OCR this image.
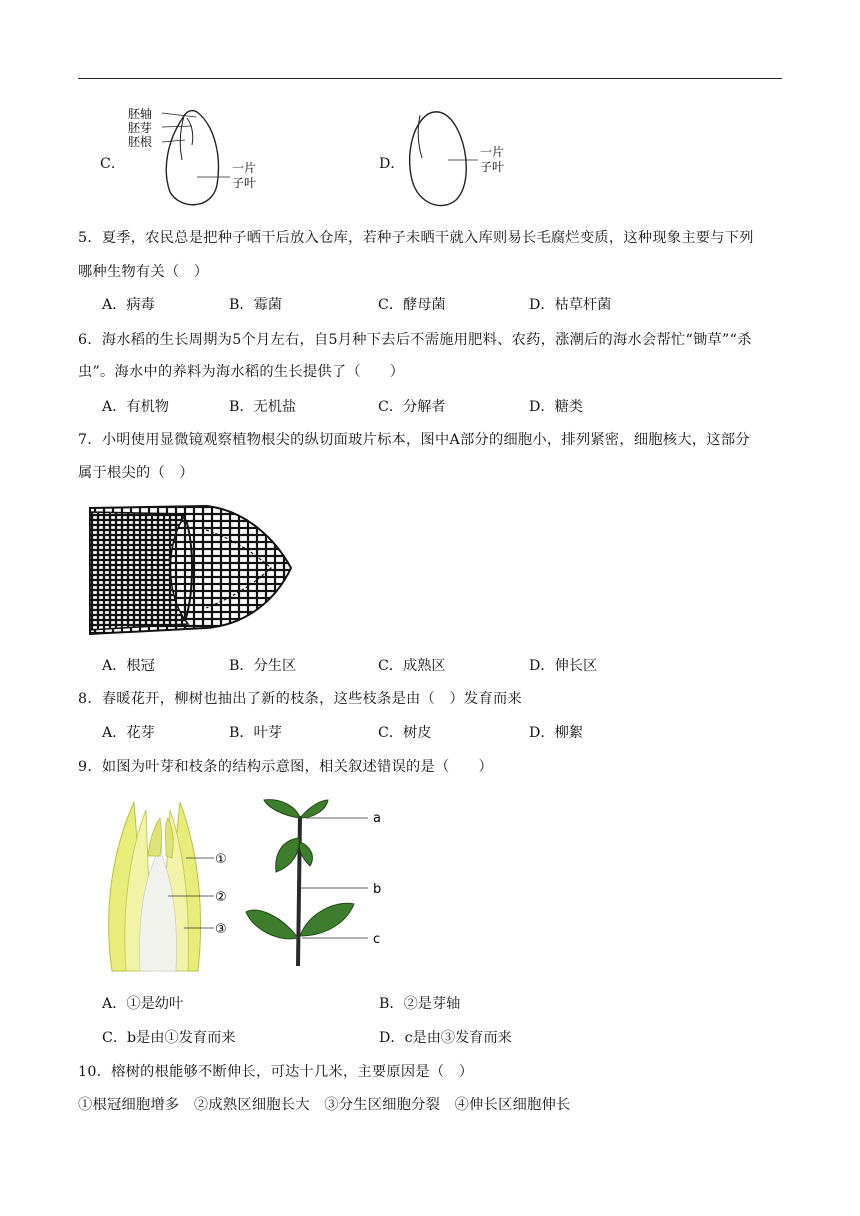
C．
胚轴
胚芽
胚根
一片
子叶
D．
一片
子叶
5．夏季，农民总是把种子晒干后放入仓库，若种子未晒干就入库则易长毛腐烂变质，这种现象主要与下列
哪种生物有关（　）
A．病毒	B．霉菌	C．酵母菌	D．枯草杆菌
6．海水稻的生长周期为5个月左右，自5月种下去后不需施用肥料、农药，涨潮后的海水会帮忙“锄草”“杀
虫”。海水中的养料为海水稻的生长提供了（　　）
A．有机物	B．无机盐	C．分解者	D．糖类
7．小明使用显微镜观察植物根尖的纵切面玻片标本，图中A部分的细胞小，排列紧密，细胞核大，这部分
属于根尖的（　）
A．根冠	B．分生区	C．成熟区	D．伸长区
8．春暖花开，柳树也抽出了新的枝条，这些枝条是由（　）发育而来
A．花芽	B．叶芽	C．树皮	D．柳絮
9．如图为叶芽和枝条的结构示意图，相关叙述错误的是（　　）
①
②
③
a
b
c
A．①是幼叶	B．②是芽轴
C．b是由①发育而来	D．c是由③发育而来
10．榕树的根能够不断伸长，可达十几米，主要原因是（　）
①根冠细胞增多　②成熟区细胞长大　③分生区细胞分裂　④伸长区细胞伸长
